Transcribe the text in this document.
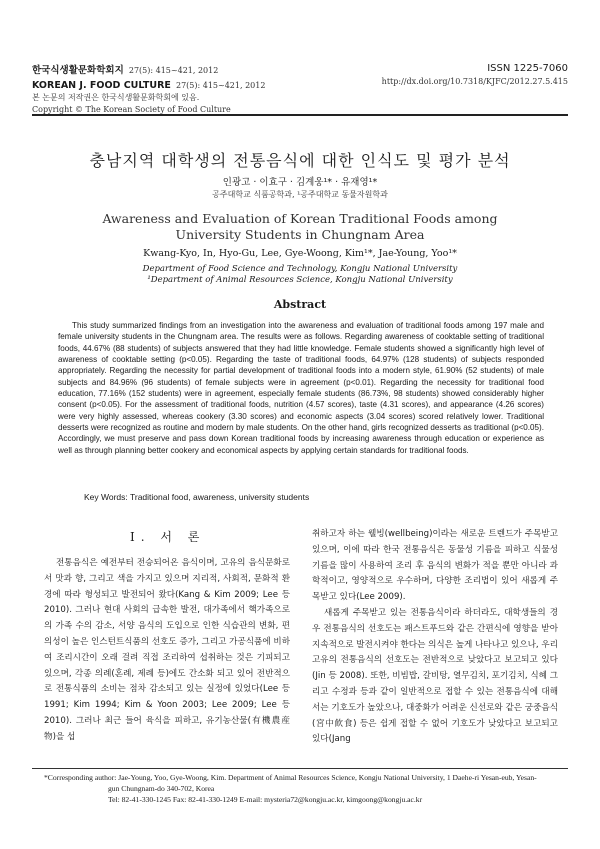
한국식생활문화학회지 27(5): 415~421, 2012
KOREAN J. FOOD CULTURE 27(5): 415~421, 2012
본 논문의 저작권은 한국식생활문화학회에 있음.
Copyright © The Korean Society of Food Culture
ISSN 1225-7060
http://dx.doi.org/10.7318/KJFC/2012.27.5.415
충남지역 대학생의 전통음식에 대한 인식도 및 평가 분석
인광고 · 이효구 · 김계웅¹* · 유재영¹*
공주대학교 식품공학과, ¹공주대학교 동물자원학과
Awareness and Evaluation of Korean Traditional Foods among
University Students in Chungnam Area
Kwang-Kyo, In, Hyo-Gu, Lee, Gye-Woong, Kim¹*, Jae-Young, Yoo¹*
Department of Food Science and Technology, Kongju National University
¹Department of Animal Resources Science, Kongju National University
Abstract
This study summarized findings from an investigation into the awareness and evaluation of traditional foods among 197 male and female university students in the Chungnam area. The results were as follows. Regarding awareness of cooktable setting of traditional foods, 44.67% (88 students) of subjects answered that they had little knowledge. Female students showed a significantly high level of awareness of cooktable setting (p<0.05). Regarding the taste of traditional foods, 64.97% (128 students) of subjects responded appropriately. Regarding the necessity for partial development of traditional foods into a modern style, 61.90% (52 students) of male subjects and 84.96% (96 students) of female subjects were in agreement (p<0.01). Regarding the necessity for traditional food education, 77.16% (152 students) were in agreement, especially female students (86.73%, 98 students) showed considerably higher consent (p<0.05). For the assessment of traditional foods, nutrition (4.57 scores), taste (4.31 scores), and appearance (4.26 scores) were very highly assessed, whereas cookery (3.30 scores) and economic aspects (3.04 scores) scored relatively lower. Traditional desserts were recognized as routine and modern by male students. On the other hand, girls recognized desserts as traditional (p<0.05). Accordingly, we must preserve and pass down Korean traditional foods by increasing awareness through education or experience as well as through planning better cookery and economical aspects by applying certain standards for traditional foods.
Key Words: Traditional food, awareness, university students
Ⅰ. 서 론

전통음식은 예전부터 전승되어온 음식이며, 고유의 음식문화로서 맛과 향, 그리고 색을 가지고 있으며 지리적, 사회적, 문화적 환경에 따라 형성되고 발전되어 왔다(Kang & Kim 2009; Lee 등 2010). 그러나 현대 사회의 급속한 발전, 대가족에서 핵가족으로의 가족 수의 감소, 서양 음식의 도입으로 인한 식습관의 변화, 편의성이 높은 인스턴트식품의 선호도 증가, 그리고 가공식품에 비하여 조리시간이 오래 걸려 직접 조리하여 섭취하는 것은 기피되고 있으며, 각종 의례(혼례, 제례 등)에도 간소화 되고 있어 전반적으로 전통식품의 소비는 점차 감소되고 있는 실정에 있었다(Lee 등 1991; Kim 1994; Kim & Yoon 2003; Lee 2009; Lee 등 2010). 그러나 최근 들어 육식을 피하고, 유기농산물(有機農産物)을 섭

취하고자 하는 웰빙(wellbeing)이라는 새로운 트렌드가 주목받고 있으며, 이에 따라 한국 전통음식은 동물성 기름을 피하고 식물성 기름을 많이 사용하여 조리 후 음식의 변화가 적을 뿐만 아니라 과학적이고, 영양적으로 우수하며, 다양한 조리법이 있어 새롭게 주목받고 있다(Lee 2009).

새롭게 주목받고 있는 전통음식이라 하더라도, 대학생들의 경우 전통음식의 선호도는 패스트푸드와 같은 간편식에 영향을 받아 지속적으로 발전시켜야 한다는 의식은 높게 나타나고 있으나, 우리 고유의 전통음식의 선호도는 전반적으로 낮았다고 보고되고 있다(Jin 등 2008). 또한, 비빔밥, 갈비탕, 열무김치, 포기김치, 식혜 그리고 수정과 등과 같이 일반적으로 접할 수 있는 전통음식에 대해서는 기호도가 높았으나, 대중화가 어려운 신선로와 같은 궁중음식(宮中飮食) 등은 쉽게 접할 수 없어 기호도가 낮았다고 보고되고 있다(Jang

*Corresponding author: Jae-Young, Yoo, Gye-Woong, Kim. Department of Animal Resources Science, Kongju National University, 1 Daehe-ri Yesan-eub, Yesan-
gun Chungnam-do 340-702, Korea
Tel: 82-41-330-1245 Fax: 82-41-330-1249 E-mail: mysteria72@kongju.ac.kr, kimgoong@kongju.ac.kr
